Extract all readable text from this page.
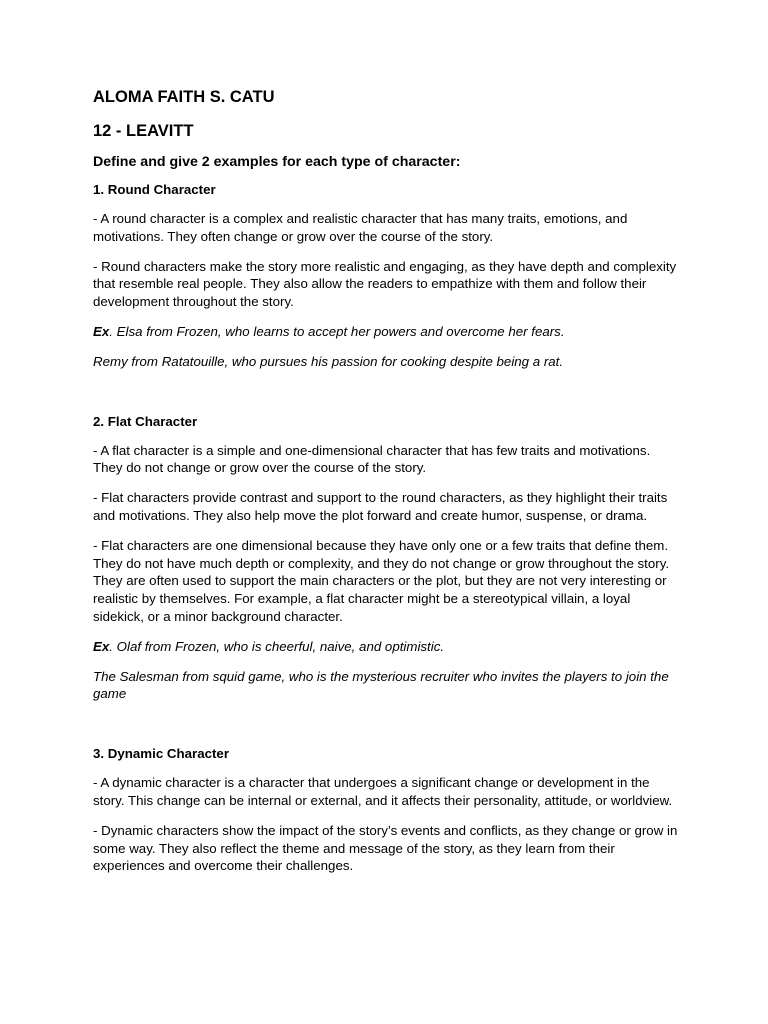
ALOMA FAITH S. CATU
12 - LEAVITT
Define and give 2 examples for each type of character:
1. Round Character

- A round character is a complex and realistic character that has many traits, emotions, and motivations. They often change or grow over the course of the story.

- Round characters make the story more realistic and engaging, as they have depth and complexity that resemble real people. They also allow the readers to empathize with them and follow their development throughout the story.

Ex. Elsa from Frozen, who learns to accept her powers and overcome her fears.

Remy from Ratatouille, who pursues his passion for cooking despite being a rat.

2. Flat Character

- A flat character is a simple and one-dimensional character that has few traits and motivations. They do not change or grow over the course of the story.

- Flat characters provide contrast and support to the round characters, as they highlight their traits and motivations. They also help move the plot forward and create humor, suspense, or drama.

- Flat characters are one dimensional because they have only one or a few traits that define them. They do not have much depth or complexity, and they do not change or grow throughout the story. They are often used to support the main characters or the plot, but they are not very interesting or realistic by themselves. For example, a flat character might be a stereotypical villain, a loyal sidekick, or a minor background character.

Ex. Olaf from Frozen, who is cheerful, naive, and optimistic.

The Salesman from squid game, who is the mysterious recruiter who invites the players to join the game

3. Dynamic Character

- A dynamic character is a character that undergoes a significant change or development in the story. This change can be internal or external, and it affects their personality, attitude, or worldview.

- Dynamic characters show the impact of the story’s events and conflicts, as they change or grow in some way. They also reflect the theme and message of the story, as they learn from their experiences and overcome their challenges.
